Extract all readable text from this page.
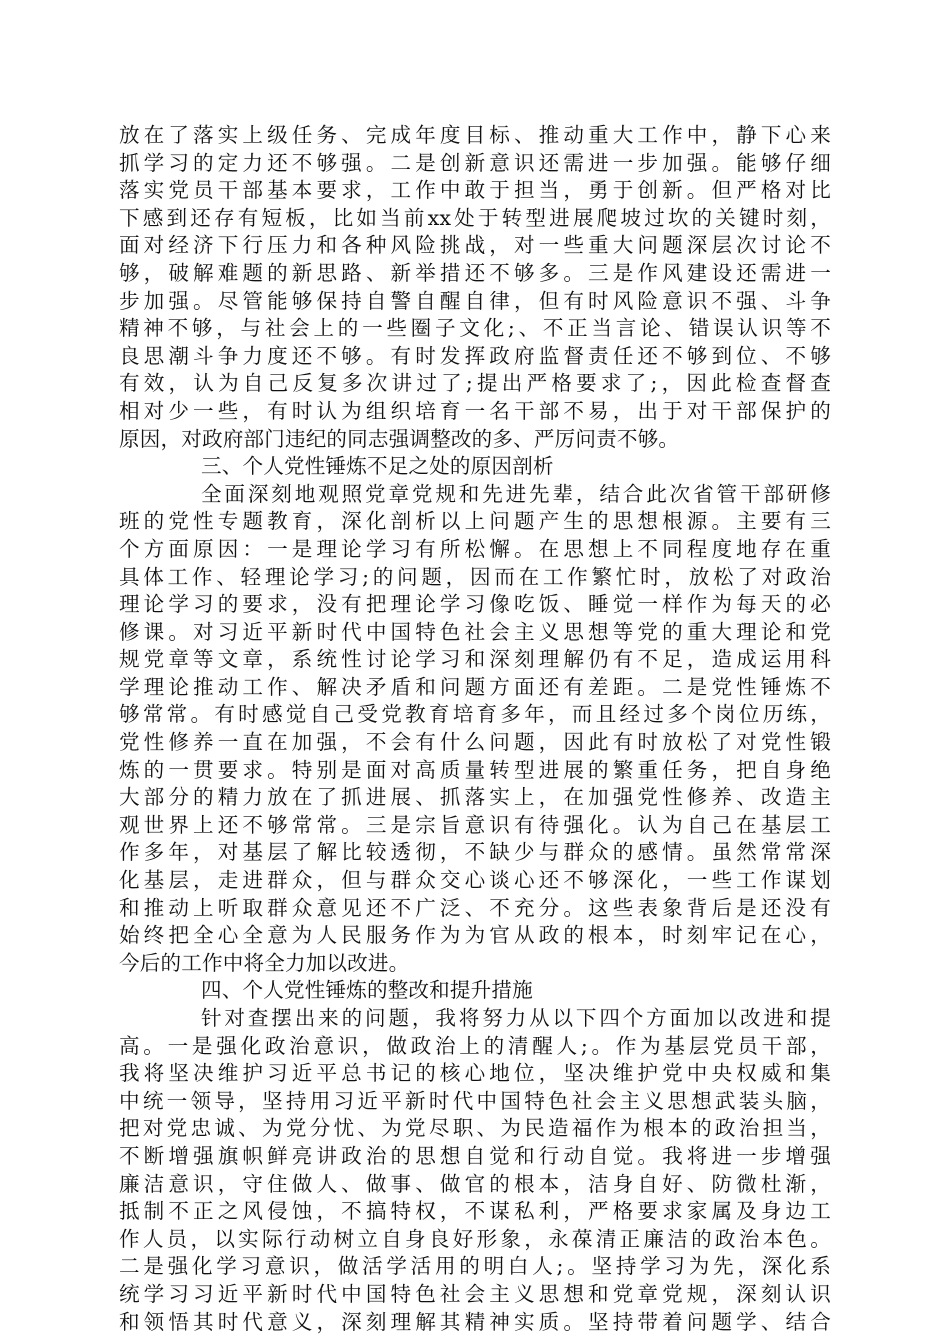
放在了落实上级任务、完成年度目标、推动重大工作中，静下心来
抓学习的定力还不够强。二是创新意识还需进一步加强。能够仔细
落实党员干部基本要求，工作中敢于担当，勇于创新。但严格对比
下感到还存有短板，比如当前xx处于转型进展爬坡过坎的关键时刻，
面对经济下行压力和各种风险挑战，对一些重大问题深层次讨论不
够，破解难题的新思路、新举措还不够多。三是作风建设还需进一
步加强。尽管能够保持自警自醒自律，但有时风险意识不强、斗争
精神不够，与社会上的一些圈子文化;、不正当言论、错误认识等不
良思潮斗争力度还不够。有时发挥政府监督责任还不够到位、不够
有效，认为自己反复多次讲过了;提出严格要求了;，因此检查督查
相对少一些，有时认为组织培育一名干部不易，出于对干部保护的
原因，对政府部门违纪的同志强调整改的多、严厉问责不够。
三、个人党性锤炼不足之处的原因剖析
全面深刻地观照党章党规和先进先辈，结合此次省管干部研修
班的党性专题教育，深化剖析以上问题产生的思想根源。主要有三
个方面原因：一是理论学习有所松懈。在思想上不同程度地存在重
具体工作、轻理论学习;的问题，因而在工作繁忙时，放松了对政治
理论学习的要求，没有把理论学习像吃饭、睡觉一样作为每天的必
修课。对习近平新时代中国特色社会主义思想等党的重大理论和党
规党章等文章，系统性讨论学习和深刻理解仍有不足，造成运用科
学理论推动工作、解决矛盾和问题方面还有差距。二是党性锤炼不
够常常。有时感觉自己受党教育培育多年，而且经过多个岗位历练，
党性修养一直在加强，不会有什么问题，因此有时放松了对党性锻
炼的一贯要求。特别是面对高质量转型进展的繁重任务，把自身绝
大部分的精力放在了抓进展、抓落实上，在加强党性修养、改造主
观世界上还不够常常。三是宗旨意识有待强化。认为自己在基层工
作多年，对基层了解比较透彻，不缺少与群众的感情。虽然常常深
化基层，走进群众，但与群众交心谈心还不够深化，一些工作谋划
和推动上听取群众意见还不广泛、不充分。这些表象背后是还没有
始终把全心全意为人民服务作为为官从政的根本，时刻牢记在心，
今后的工作中将全力加以改进。
四、个人党性锤炼的整改和提升措施
针对查摆出来的问题，我将努力从以下四个方面加以改进和提
高。一是强化政治意识，做政治上的清醒人;。作为基层党员干部，
我将坚决维护习近平总书记的核心地位，坚决维护党中央权威和集
中统一领导，坚持用习近平新时代中国特色社会主义思想武装头脑，
把对党忠诚、为党分忧、为党尽职、为民造福作为根本的政治担当，
不断增强旗帜鲜亮讲政治的思想自觉和行动自觉。我将进一步增强
廉洁意识，守住做人、做事、做官的根本，洁身自好、防微杜渐，
抵制不正之风侵蚀，不搞特权，不谋私利，严格要求家属及身边工
作人员，以实际行动树立自身良好形象，永葆清正廉洁的政治本色。
二是强化学习意识，做活学活用的明白人;。坚持学习为先，深化系
统学习习近平新时代中国特色社会主义思想和党章党规，深刻认识
和领悟其时代意义，深刻理解其精神实质。坚持带着问题学、结合
